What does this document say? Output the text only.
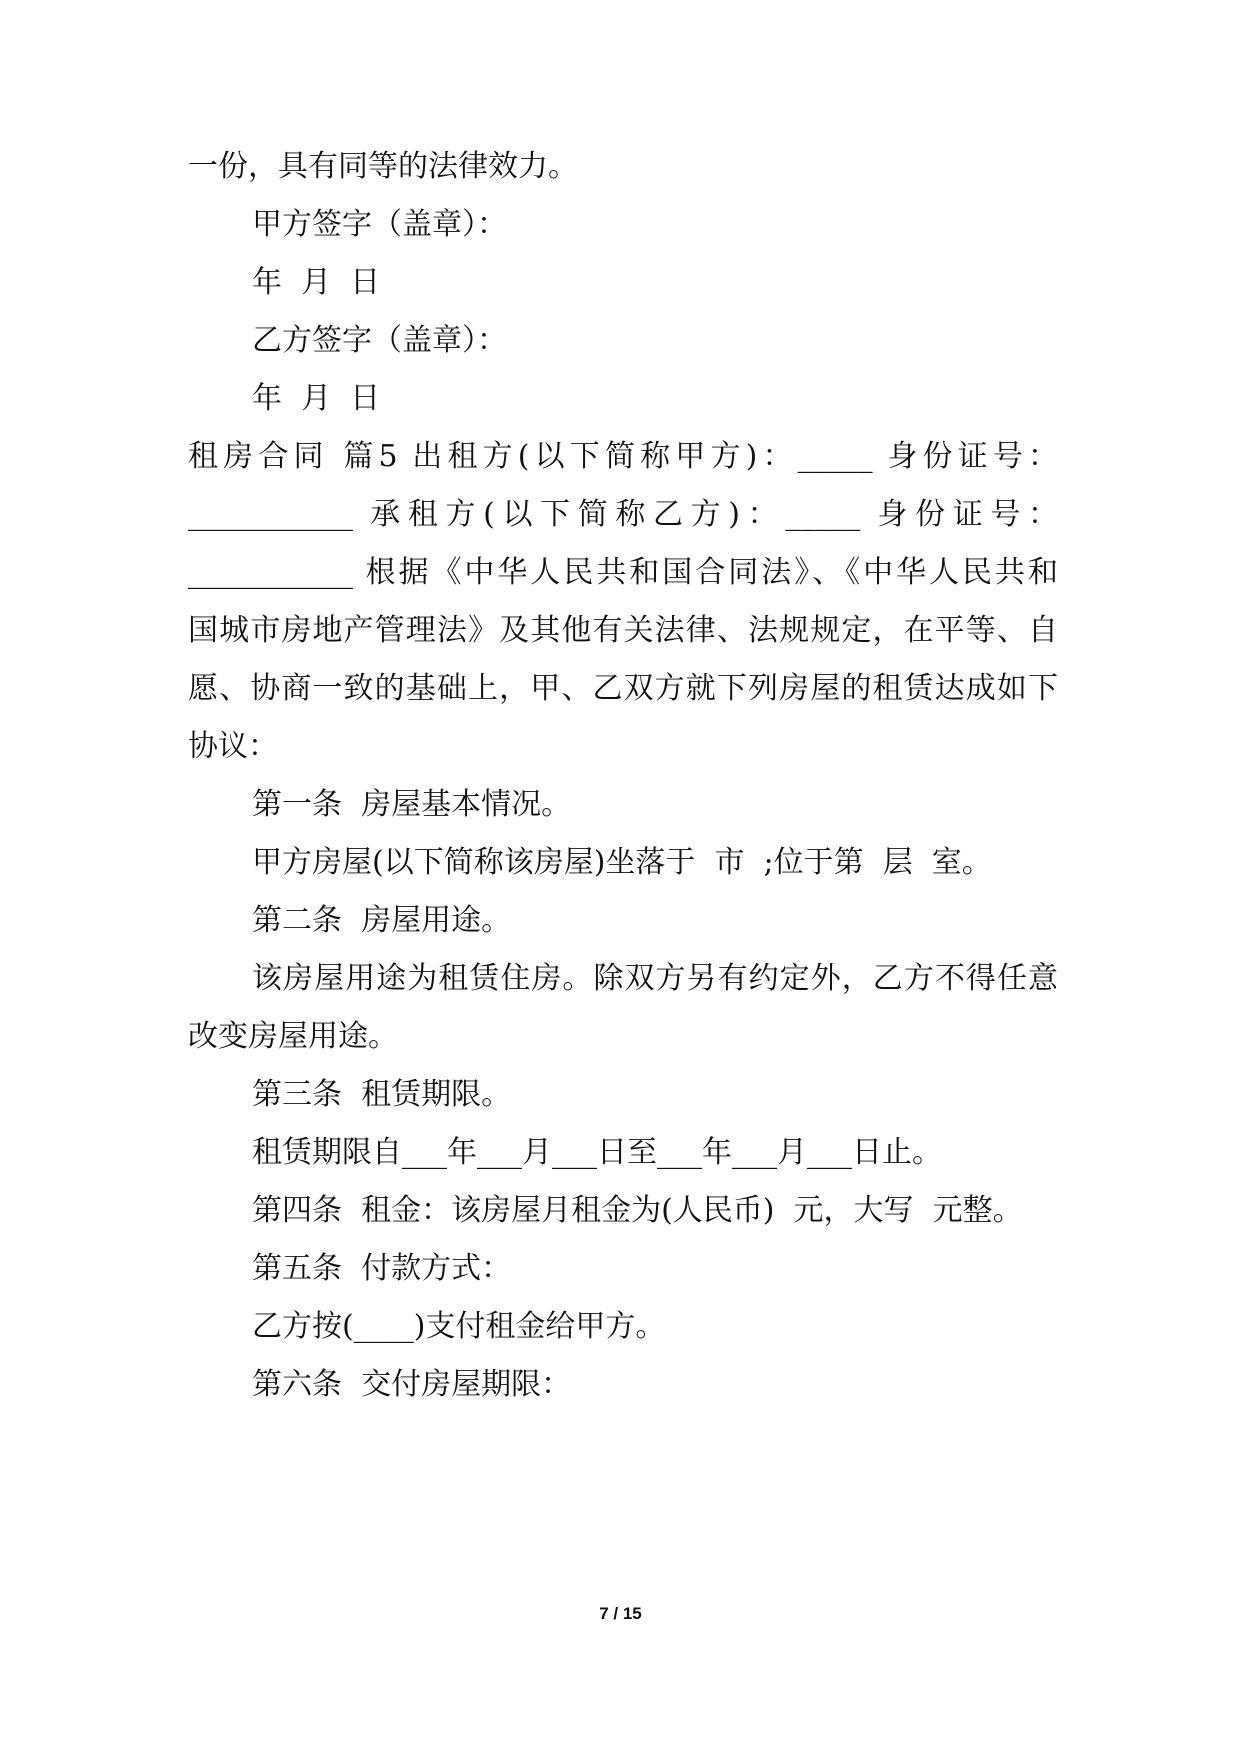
一份，具有同等的法律效力。
甲方签字（盖章）：
年  月  日
乙方签字（盖章）：
年  月  日
租房合同 篇5 出租方(以下简称甲方)：_____ 身份证号：
___________ 承租方(以下简称乙方)：_____ 身份证号：
___________ 根据《中华人民共和国合同法》、《中华人民共和
国城市房地产管理法》及其他有关法律、法规规定，在平等、自
愿、协商一致的基础上，甲、乙双方就下列房屋的租赁达成如下
协议：
第一条  房屋基本情况。
甲方房屋(以下简称该房屋)坐落于  市  ;位于第  层  室。
第二条  房屋用途。
该房屋用途为租赁住房。除双方另有约定外，乙方不得任意
改变房屋用途。
第三条  租赁期限。
租赁期限自___年___月___日至___年___月___日止。
第四条  租金：该房屋月租金为(人民币)  元，大写  元整。
第五条  付款方式：
乙方按(____)支付租金给甲方。
第六条  交付房屋期限：
7 / 15
